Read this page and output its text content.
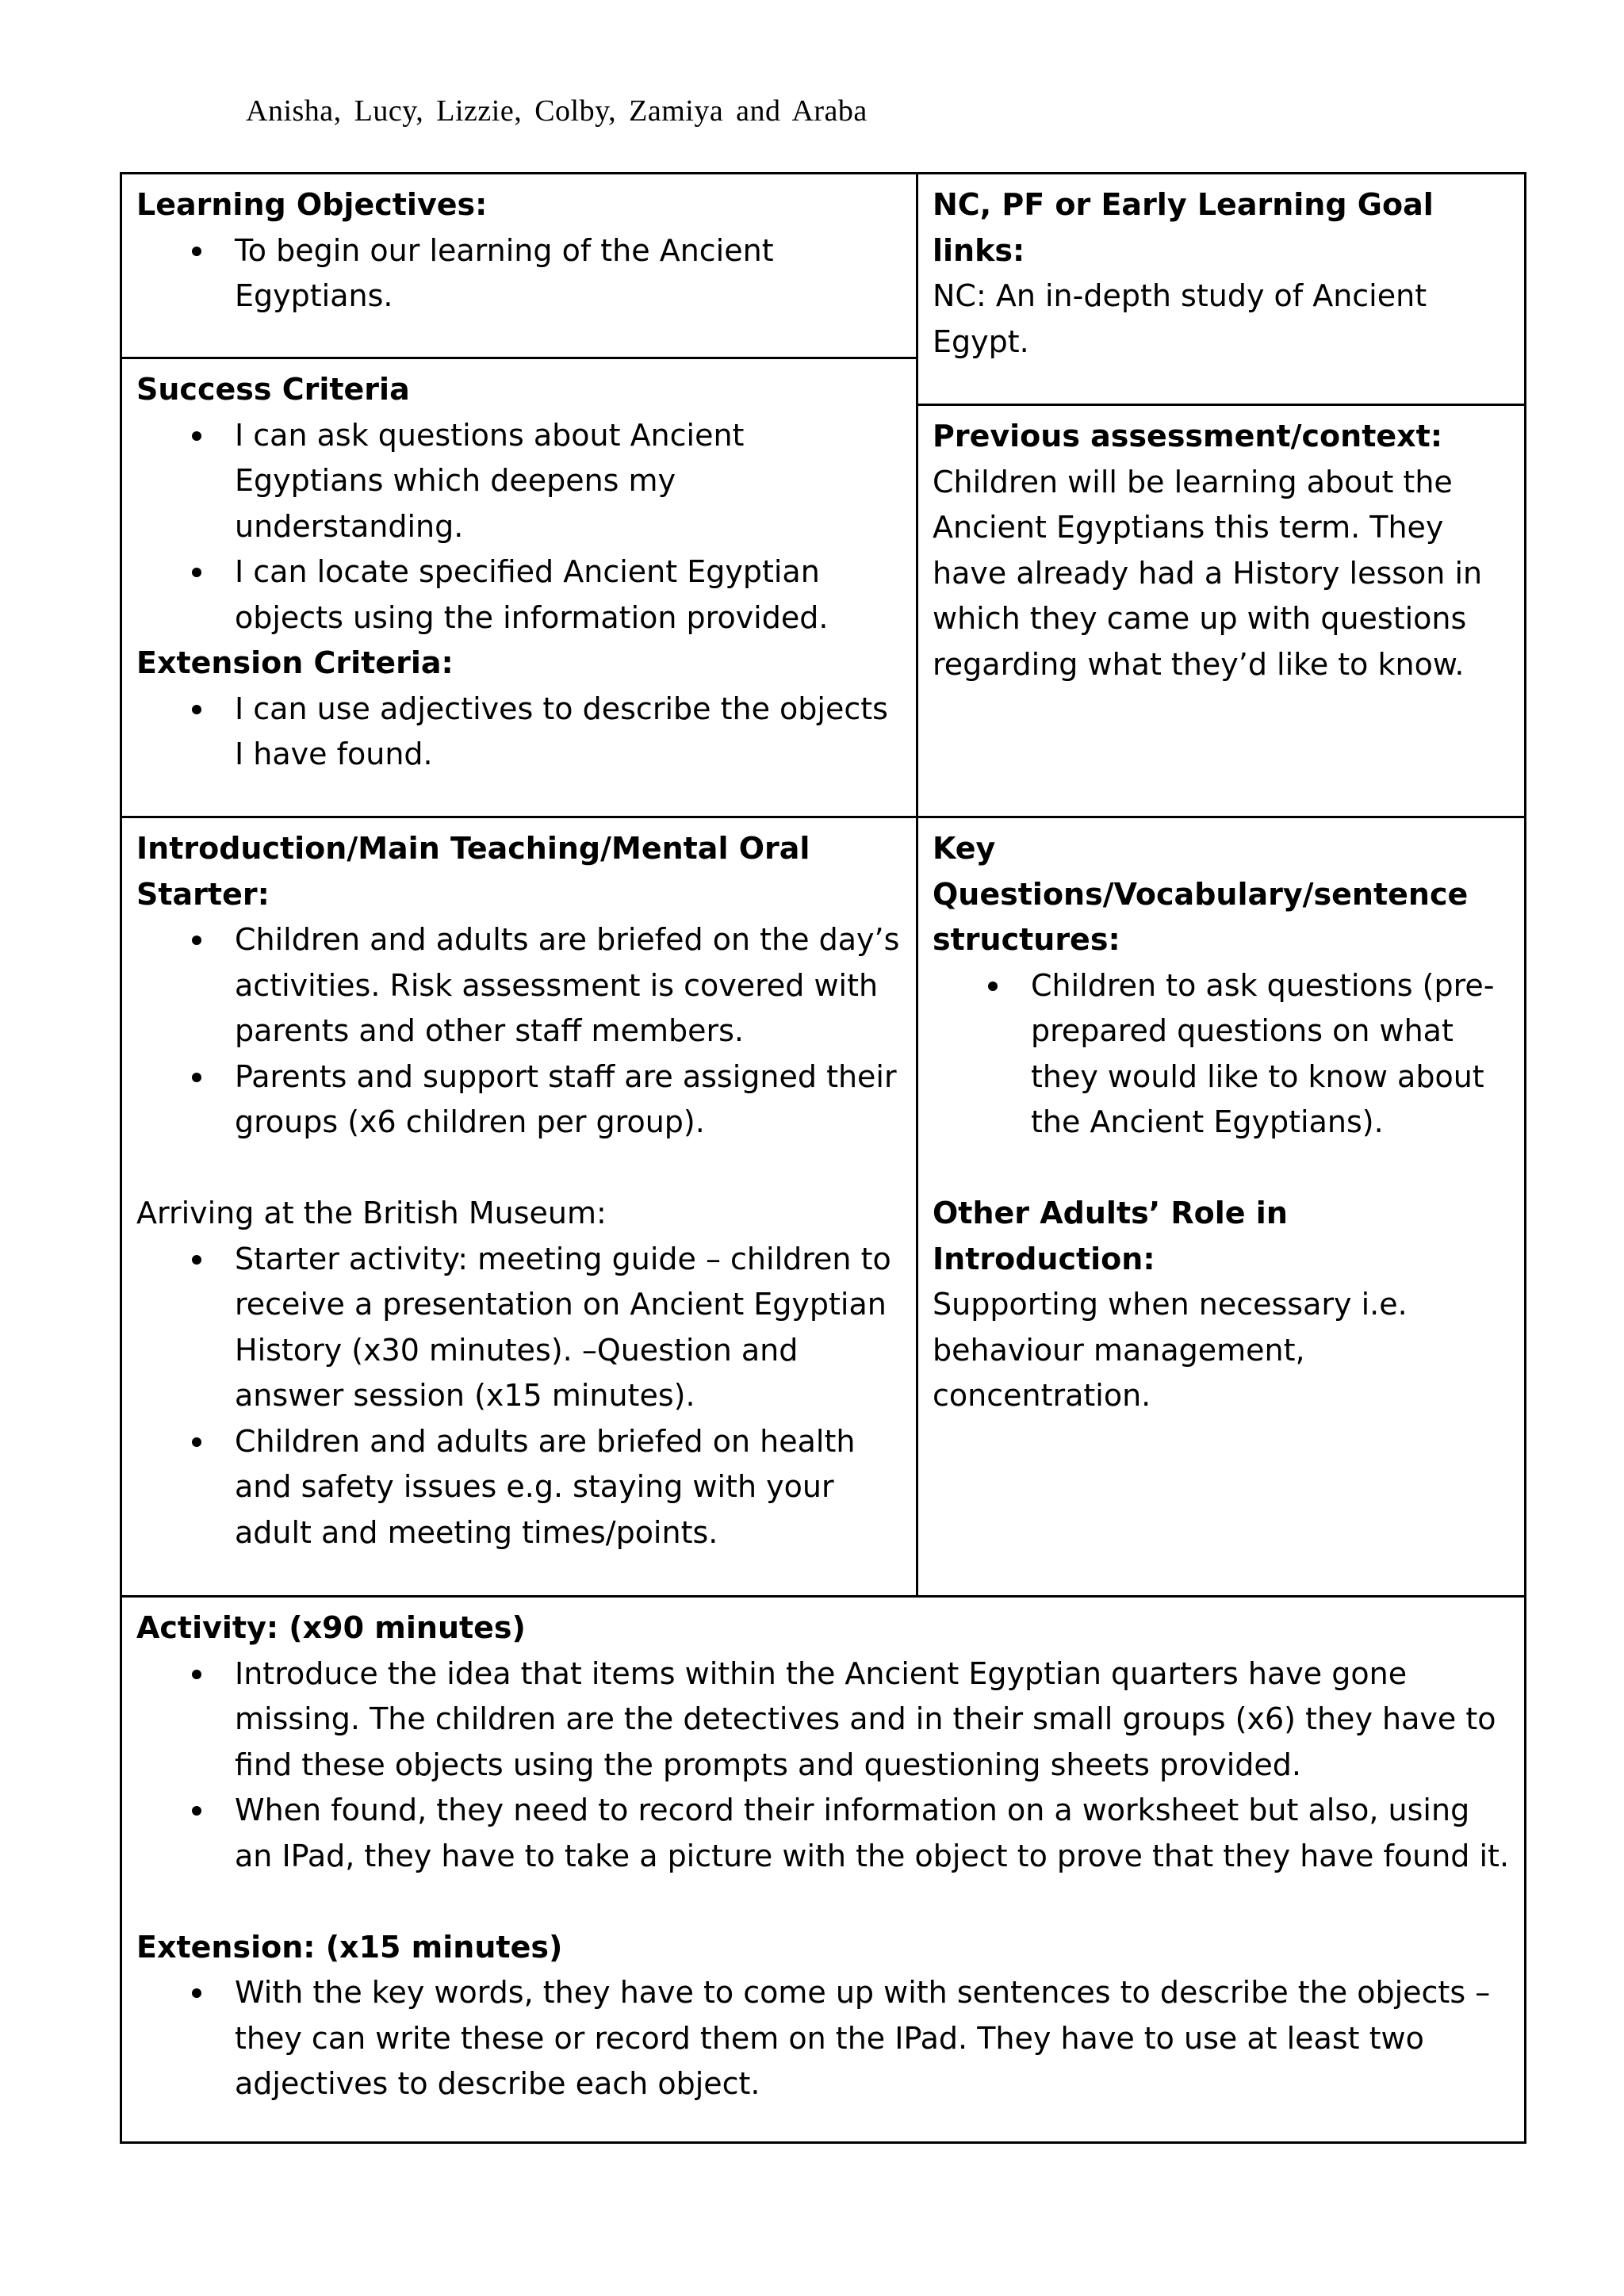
Anisha, Lucy, Lizzie, Colby, Zamiya and Araba
Learning Objectives:
To begin our learning of the Ancient Egyptians.
NC, PF or Early Learning Goal links:
NC: An in-depth study of Ancient Egypt.
Success Criteria
I can ask questions about Ancient Egyptians which deepens my understanding.
I can locate specified Ancient Egyptian objects using the information provided.
Extension Criteria:
I can use adjectives to describe the objects I have found.
Previous assessment/context:
Children will be learning about the Ancient Egyptians this term. They have already had a History lesson in which they came up with questions regarding what they’d like to know.
Introduction/Main Teaching/Mental Oral Starter:
Children and adults are briefed on the day’s activities. Risk assessment is covered with parents and other staff members.
Parents and support staff are assigned their groups (x6 children per group).
Arriving at the British Museum:
Starter activity: meeting guide – children to receive a presentation on Ancient Egyptian History (x30 minutes). –Question and answer session (x15 minutes).
Children and adults are briefed on health and safety issues e.g. staying with your adult and meeting times/points.
Key Questions/Vocabulary/sentence structures:
Children to ask questions (pre-prepared questions on what they would like to know about the Ancient Egyptians).
Other Adults’ Role in Introduction:
Supporting when necessary i.e. behaviour management, concentration.
Activity: (x90 minutes)
Introduce the idea that items within the Ancient Egyptian quarters have gone missing. The children are the detectives and in their small groups (x6) they have to find these objects using the prompts and questioning sheets provided.
When found, they need to record their information on a worksheet but also, using an IPad, they have to take a picture with the object to prove that they have found it.
Extension: (x15 minutes)
With the key words, they have to come up with sentences to describe the objects – they can write these or record them on the IPad. They have to use at least two adjectives to describe each object.
